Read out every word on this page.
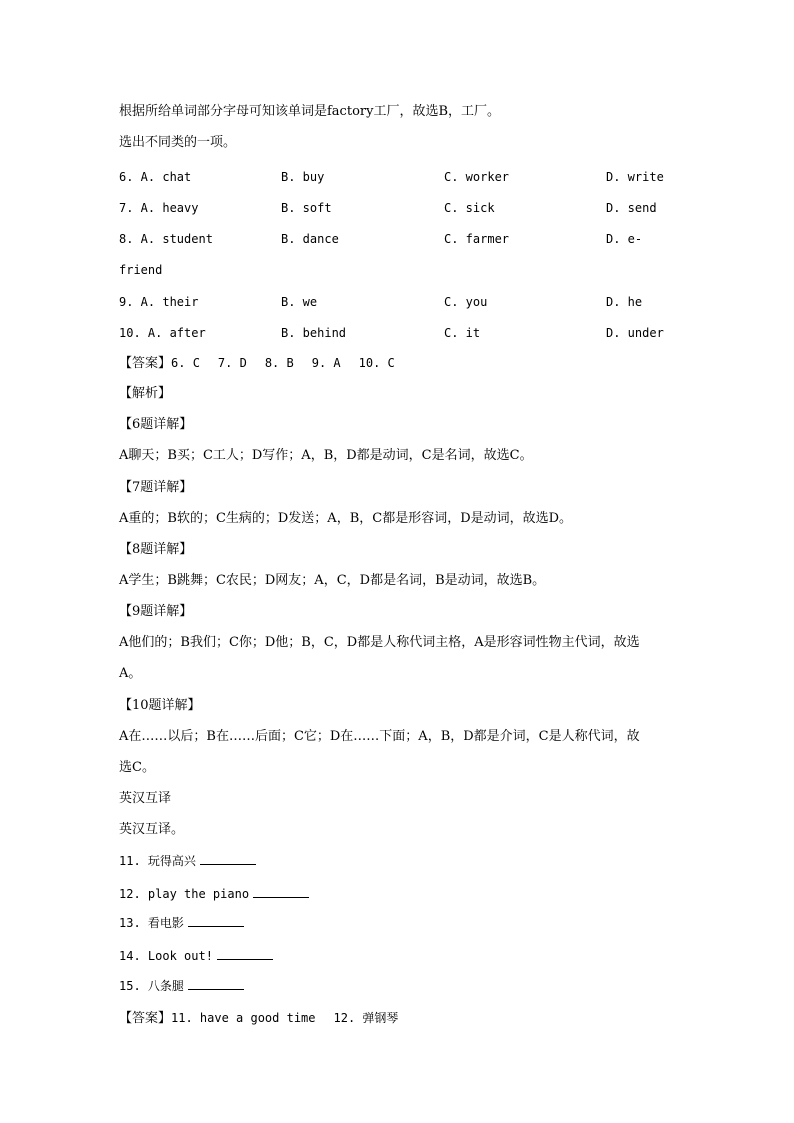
根据所给单词部分字母可知该单词是factory工厂，故选B，工厂。
选出不同类的一项。
6. A. chat	B. buy	C. worker	D. write
7. A. heavy	B. soft	C. sick	D. send
8. A. student	B. dance	C. farmer	D. e-
friend
9. A. their	B. we	C. you	D. he
10. A. after	B. behind	C. it	D. under
【答案】6. C 7. D 8. B 9. A 10. C
【解析】
【6题详解】
A聊天；B买；C工人；D写作；A，B，D都是动词，C是名词，故选C。
【7题详解】
A重的；B软的；C生病的；D发送；A，B，C都是形容词，D是动词，故选D。
【8题详解】
A学生；B跳舞；C农民；D网友；A，C，D都是名词，B是动词，故选B。
【9题详解】
A他们的；B我们；C你；D他；B，C，D都是人称代词主格，A是形容词性物主代词，故选
A。
【10题详解】
A在……以后；B在……后面；C它；D在……下面；A，B，D都是介词，C是人称代词，故
选C。
英汉互译
英汉互译。
11. 玩得高兴
12. play the piano
13. 看电影
14. Look out!
15. 八条腿
【答案】11. have a good time 12. 弹钢琴
